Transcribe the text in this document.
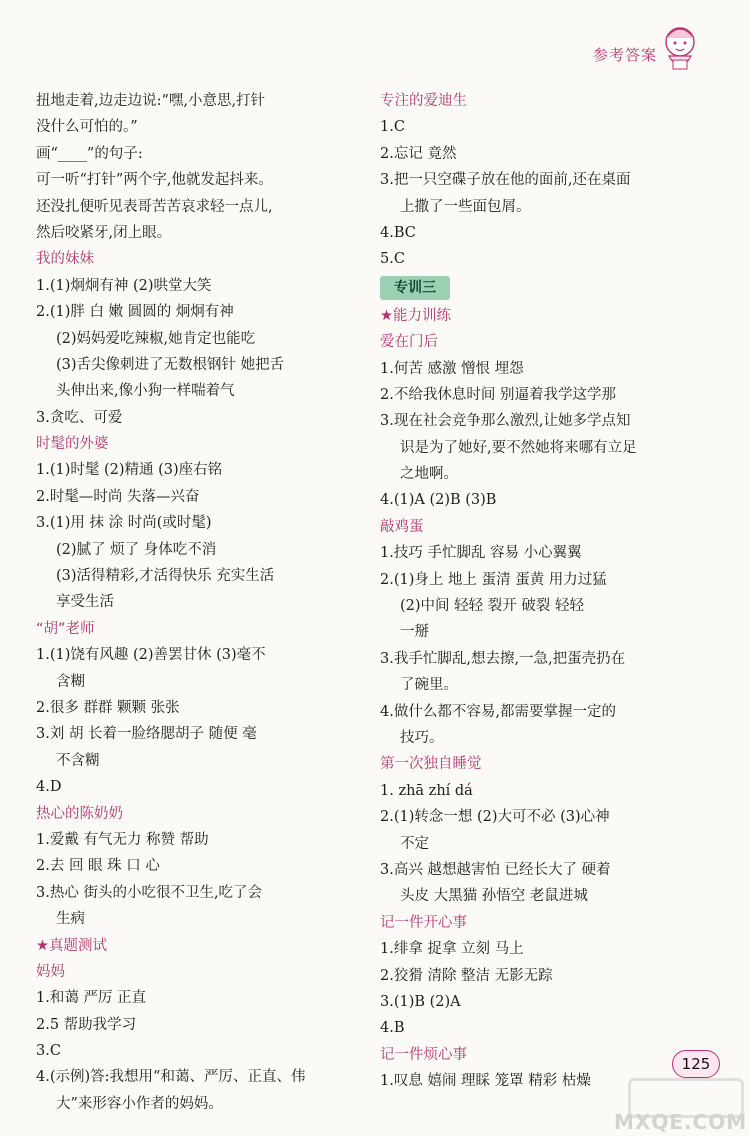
参考答案
扭地走着,边走边说:“嘿,小意思,打针
没什么可怕的。”
画“____”的句子:
可一听“打针”两个字,他就发起抖来。
还没扎便听见表哥苦苦哀求轻一点儿,
然后咬紧牙,闭上眼。
我的妹妹
1.(1)炯炯有神 (2)哄堂大笑
2.(1)胖 白 嫩 圆圆的 炯炯有神
(2)妈妈爱吃辣椒,她肯定也能吃
(3)舌尖像刺进了无数根钢针 她把舌
头伸出来,像小狗一样喘着气
3.贪吃、可爱
时髦的外婆
1.(1)时髦 (2)精通 (3)座右铭
2.时髦—时尚 失落—兴奋
3.(1)用 抹 涂 时尚(或时髦)
(2)腻了 烦了 身体吃不消
(3)活得精彩,才活得快乐 充实生活
享受生活
“胡”老师
1.(1)饶有风趣 (2)善罢甘休 (3)毫不
含糊
2.很多 群群 颗颗 张张
3.刘 胡 长着一脸络腮胡子 随便 毫
不含糊
4.D
热心的陈奶奶
1.爱戴 有气无力 称赞 帮助
2.去 回 眼 珠 口 心
3.热心 街头的小吃很不卫生,吃了会
生病
★真题测试
妈妈
1.和蔼 严厉 正直
2.5 帮助我学习
3.C
4.(示例)答:我想用“和蔼、严厉、正直、伟
大”来形容小作者的妈妈。
专注的爱迪生
1.C
2.忘记 竟然
3.把一只空碟子放在他的面前,还在桌面
上撒了一些面包屑。
4.BC
5.C
专训三
★能力训练
爱在门后
1.何苦 感激 憎恨 埋怨
2.不给我休息时间 别逼着我学这学那
3.现在社会竞争那么激烈,让她多学点知
识是为了她好,要不然她将来哪有立足
之地啊。
4.(1)A (2)B (3)B
敲鸡蛋
1.技巧 手忙脚乱 容易 小心翼翼
2.(1)身上 地上 蛋清 蛋黄 用力过猛
(2)中间 轻轻 裂开 破裂 轻轻
一掰
3.我手忙脚乱,想去擦,一急,把蛋壳扔在
了碗里。
4.做什么都不容易,都需要掌握一定的
技巧。
第一次独自睡觉
1. zhā zhí dá
2.(1)转念一想 (2)大可不必 (3)心神
不定
3.高兴 越想越害怕 已经长大了 硬着
头皮 大黑猫 孙悟空 老鼠进城
记一件开心事
1.绯拿 捉拿 立刻 马上
2.狡猾 清除 整洁 无影无踪
3.(1)B (2)A
4.B
记一件烦心事
1.叹息 嬉闹 理睬 笼罩 精彩 枯燥
125
MXQE.COM
